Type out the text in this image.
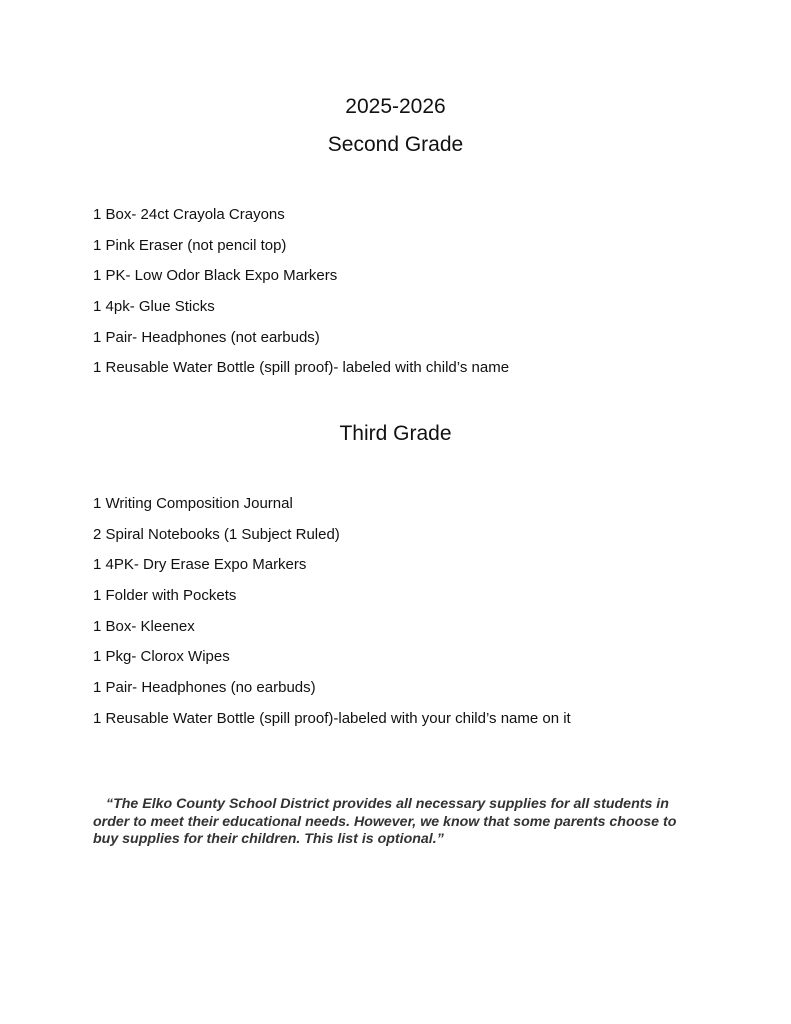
2025-2026
Second Grade
1 Box- 24ct Crayola Crayons
1 Pink Eraser (not pencil top)
1 PK- Low Odor Black Expo Markers
1 4pk- Glue Sticks
1 Pair- Headphones (not earbuds)
1 Reusable Water Bottle (spill proof)- labeled with child’s name
Third Grade
1 Writing Composition Journal
2 Spiral Notebooks (1 Subject Ruled)
1 4PK- Dry Erase Expo Markers
1 Folder with Pockets
1 Box- Kleenex
1 Pkg- Clorox Wipes
1 Pair- Headphones (no earbuds)
1 Reusable Water Bottle (spill proof)-labeled with your child’s name on it
“The Elko County School District provides all necessary supplies for all students in order to meet their educational needs. However, we know that some parents choose to buy supplies for their children. This list is optional.”
